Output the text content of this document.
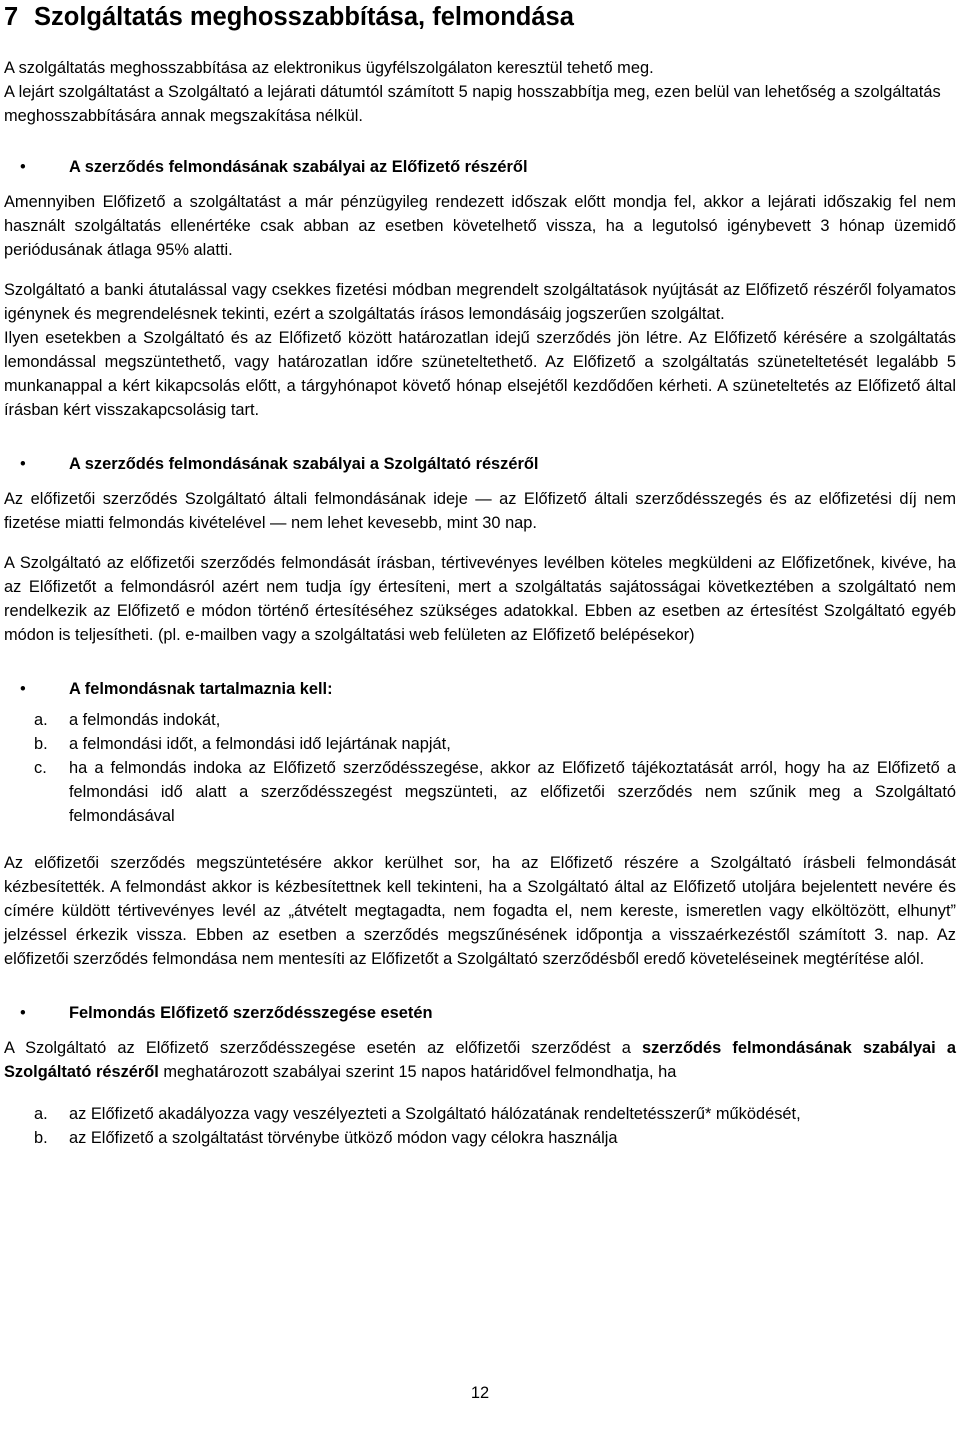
7 Szolgáltatás meghosszabbítása, felmondása

A szolgáltatás meghosszabbítása az elektronikus ügyfélszolgálaton keresztül tehető meg.

A lejárt szolgáltatást a Szolgáltató a lejárati dátumtól számított 5 napig hosszabbítja meg, ezen belül van lehetőség a szolgáltatás meghosszabbítására annak megszakítása nélkül.

•	A szerződés felmondásának szabályai az Előfizető részéről

Amennyiben Előfizető a szolgáltatást a már pénzügyileg rendezett időszak előtt mondja fel, akkor a lejárati időszakig fel nem használt szolgáltatás ellenértéke csak abban az esetben követelhető vissza, ha a legutolsó igénybevett 3 hónap üzemidő periódusának átlaga 95% alatti.

Szolgáltató a banki átutalással vagy csekkes fizetési módban megrendelt szolgáltatások nyújtását az Előfizető részéről folyamatos igénynek és megrendelésnek tekinti, ezért a szolgáltatás írásos lemondásáig jogszerűen szolgáltat.

Ilyen esetekben a Szolgáltató és az Előfizető között határozatlan idejű szerződés jön létre. Az Előfizető kérésére a szolgáltatás lemondással megszüntethető, vagy határozatlan időre szüneteltethető. Az Előfizető a szolgáltatás szüneteltetését legalább 5 munkanappal a kért kikapcsolás előtt, a tárgyhónapot követő hónap elsejétől kezdődően kérheti. A szüneteltetés az Előfizető által írásban kért visszakapcsolásig tart.

•	A szerződés felmondásának szabályai a Szolgáltató részéről

Az előfizetői szerződés Szolgáltató általi felmondásának ideje — az Előfizető általi szerződésszegés és az előfizetési díj nem fizetése miatti felmondás kivételével — nem lehet kevesebb, mint 30 nap.

A Szolgáltató az előfizetői szerződés felmondását írásban, tértivevényes levélben köteles megküldeni az Előfizetőnek, kivéve, ha az Előfizetőt a felmondásról azért nem tudja így értesíteni, mert a szolgáltatás sajátosságai következtében a szolgáltató nem rendelkezik az Előfizető e módon történő értesítéséhez szükséges adatokkal. Ebben az esetben az értesítést Szolgáltató egyéb módon is teljesítheti. (pl. e-mailben vagy a szolgáltatási web felületen az Előfizető belépésekor)

•	A felmondásnak tartalmaznia kell:
a. a felmondás indokát,
b. a felmondási időt, a felmondási idő lejártának napját,
c. ha a felmondás indoka az Előfizető szerződésszegése, akkor az Előfizető tájékoztatását arról, hogy ha az Előfizető a felmondási idő alatt a szerződésszegést megszünteti, az előfizetői szerződés nem szűnik meg a Szolgáltató felmondásával

Az előfizetői szerződés megszüntetésére akkor kerülhet sor, ha az Előfizető részére a Szolgáltató írásbeli felmondását kézbesítették. A felmondást akkor is kézbesítettnek kell tekinteni, ha a Szolgáltató által az Előfizető utoljára bejelentett nevére és címére küldött tértivevényes levél az „átvételt megtagadta, nem fogadta el, nem kereste, ismeretlen vagy elköltözött, elhunyt” jelzéssel érkezik vissza. Ebben az esetben a szerződés megszűnésének időpontja a visszaérkezéstől számított 3. nap. Az előfizetői szerződés felmondása nem mentesíti az Előfizetőt a Szolgáltató szerződésből eredő követeléseinek megtérítése alól.

•	Felmondás Előfizető szerződésszegése esetén

A Szolgáltató az Előfizető szerződésszegése esetén az előfizetői szerződést a szerződés felmondásának szabályai a Szolgáltató részéről meghatározott szabályai szerint 15 napos határidővel felmondhatja, ha

a. az Előfizető akadályozza vagy veszélyezteti a Szolgáltató hálózatának rendeltetésszerű* működését,
b. az Előfizető a szolgáltatást törvénybe ütköző módon vagy célokra használja
12
